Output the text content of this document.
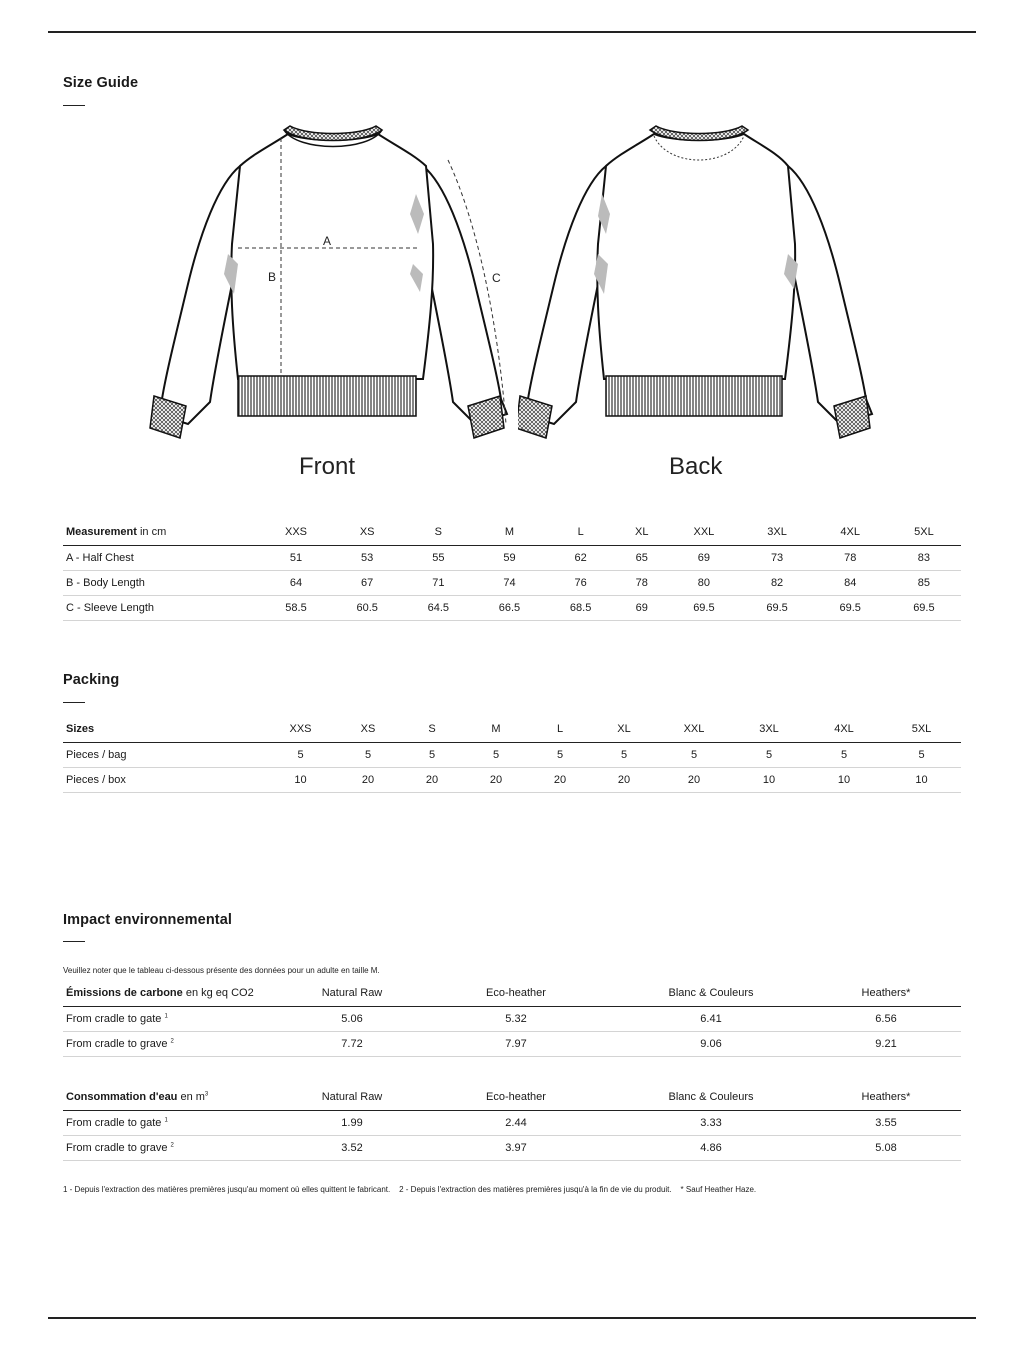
Size Guide
A
B	C
Front	Back
Measurement in cm	XXS	XS	S	M	L	XL	XXL	3XL	4XL	5XL
A - Half Chest	51	53	55	59	62	65	69	73	78	83
B - Body Length	64	67	71	74	76	78	80	82	84	85
C - Sleeve Length	58.5	60.5	64.5	66.5	68.5	69	69.5	69.5	69.5	69.5
Packing
Sizes	XXS	XS	S	M	L	XL	XXL	3XL	4XL	5XL
Pieces / bag	5	5	5	5	5	5	5	5	5	5
Pieces / box	10	20	20	20	20	20	20	10	10	10
Impact environnemental
Veuillez noter que le tableau ci-dessous présente des données pour un adulte en taille M.
Émissions de carbone en kg eq CO2	Natural Raw	Eco-heather	Blanc & Couleurs	Heathers*
From cradle to gate $^1$	5.06	5.32	6.41	6.56
From cradle to grave $^2$	7.72	7.97	9.06	9.21
Consommation d'eau en $m^3$	Natural Raw	Eco-heather	Blanc & Couleurs	Heathers*
From cradle to gate $^1$	1.99	2.44	3.33	3.55
From cradle to grave $^2$	3.52	3.97	4.86	5.08
1 - Depuis l'extraction des matières premières jusqu'au moment où elles quittent le fabricant.    2 - Depuis l'extraction des matières premières jusqu'à la fin de vie du produit.    * Sauf Heather Haze.
